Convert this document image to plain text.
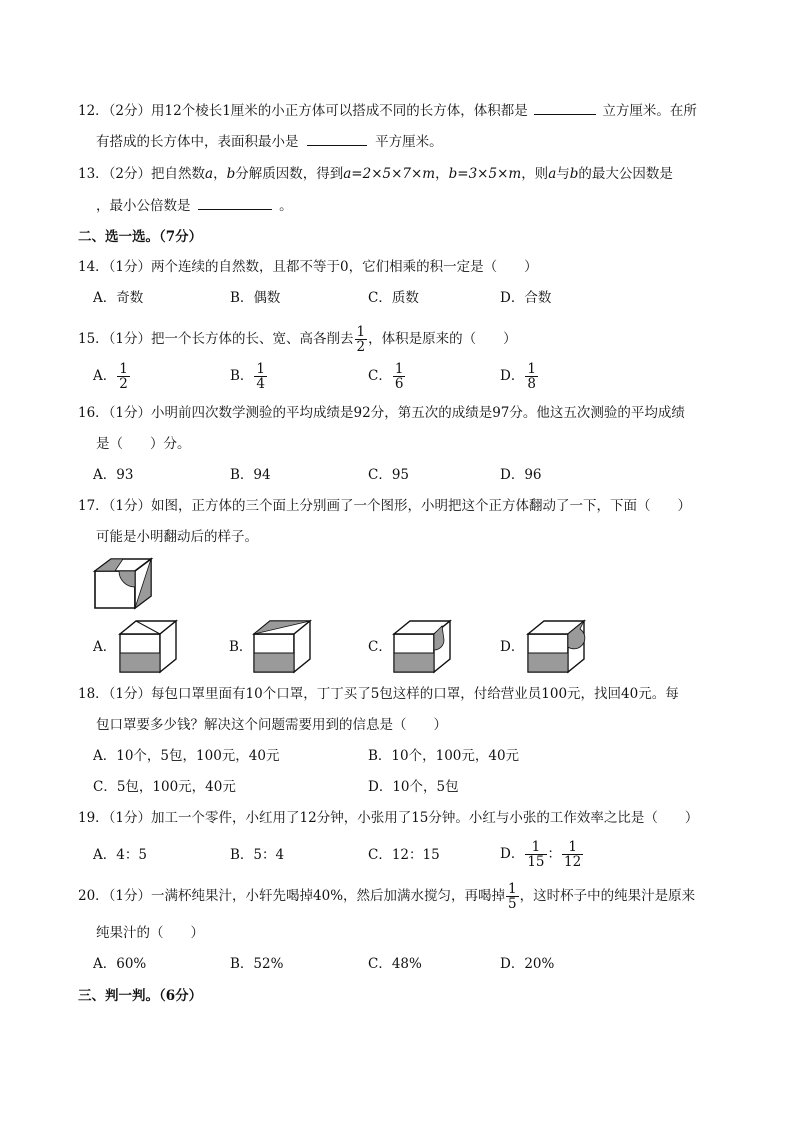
12．（2分）用12个棱长1厘米的小正方体可以搭成不同的长方体，体积都是	立方厘米。在所
有搭成的长方体中，表面积最小是	平方厘米。
13．（2分）把自然数a，b分解质因数，得到a=2×5×7×m，b=3×5×m，则a与b的最大公因数是
，最小公倍数是	。
二、选一选。（7分）
14．（1分）两个连续的自然数，且都不等于0，它们相乘的积一定是（　　）
A．奇数	B．偶数	C．质数	D．合数
15．（1分）把一个长方体的长、宽、高各削去 $\frac{1}{2}$ ，体积是原来的（　　）
A． $\frac{1}{2}$	B． $\frac{1}{4}$	C． $\frac{1}{6}$	D． $\frac{1}{8}$
16．（1分）小明前四次数学测验的平均成绩是92分，第五次的成绩是97分。他这五次测验的平均成绩
是（　　）分。
A．93	B．94	C．95	D．96
17．（1分）如图，正方体的三个面上分别画了一个图形，小明把这个正方体翻动了一下，下面（　　）
可能是小明翻动后的样子。
A．	B．	C．	D．
18．（1分）每包口罩里面有10个口罩，丁丁买了5包这样的口罩，付给营业员100元，找回40元。每
包口罩要多少钱？解决这个问题需要用到的信息是（　　）
A．10个，5包，100元，40元	B．10个，100元，40元
C．5包，100元，40元	D．10个，5包
19．（1分）加工一个零件，小红用了12分钟，小张用了15分钟。小红与小张的工作效率之比是（　　）
A．4：5	B．5：4	C．12：15	D． $\frac{1}{15}$ ： $\frac{1}{12}$
20．（1分）一满杯纯果汁，小轩先喝掉40%，然后加满水搅匀，再喝掉 $\frac{1}{5}$ ，这时杯子中的纯果汁是原来
纯果汁的（　　）
A．60%	B．52%	C．48%	D．20%
三、判一判。（6分）
